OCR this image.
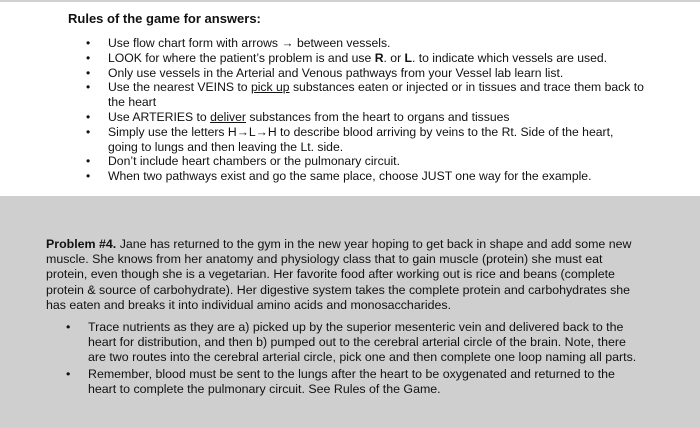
Rules of the game for answers:
• Use flow chart form with arrows → between vessels.
• LOOK for where the patient’s problem is and use R. or L. to indicate which vessels are used.
• Only use vessels in the Arterial and Venous pathways from your Vessel lab learn list.
• Use the nearest VEINS to pick up substances eaten or injected or in tissues and trace them back to the heart
• Use ARTERIES to deliver substances from the heart to organs and tissues
• Simply use the letters H→L→H to describe blood arriving by veins to the Rt. Side of the heart, going to lungs and then leaving the Lt. side.
• Don’t include heart chambers or the pulmonary circuit.
• When two pathways exist and go the same place, choose JUST one way for the example.

Problem #4. Jane has returned to the gym in the new year hoping to get back in shape and add some new muscle. She knows from her anatomy and physiology class that to gain muscle (protein) she must eat protein, even though she is a vegetarian. Her favorite food after working out is rice and beans (complete protein & source of carbohydrate). Her digestive system takes the complete protein and carbohydrates she has eaten and breaks it into individual amino acids and monosaccharides.

• Trace nutrients as they are a) picked up by the superior mesenteric vein and delivered back to the heart for distribution, and then b) pumped out to the cerebral arterial circle of the brain. Note, there are two routes into the cerebral arterial circle, pick one and then complete one loop naming all parts.
• Remember, blood must be sent to the lungs after the heart to be oxygenated and returned to the heart to complete the pulmonary circuit. See Rules of the Game.
